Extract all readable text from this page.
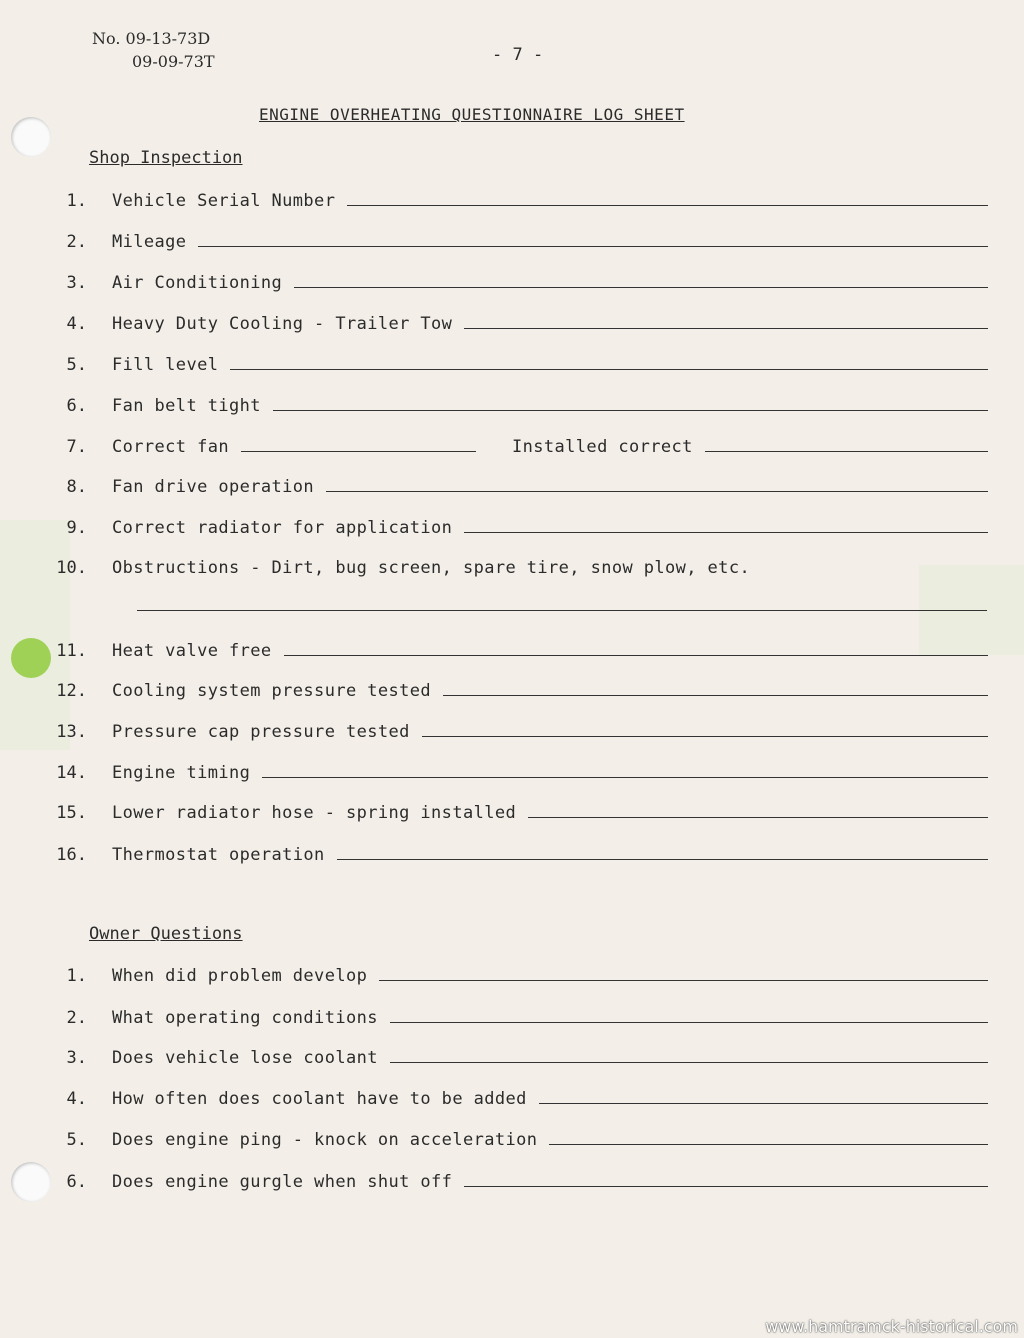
No. 09-13-73D
09-09-73T	- 7 -
ENGINE OVERHEATING QUESTIONNAIRE LOG SHEET
Shop Inspection
1.	Vehicle Serial Number
2.	Mileage
3.	Air Conditioning
4.	Heavy Duty Cooling - Trailer Tow
5.	Fill level
6.	Fan belt tight
7.	Correct fan	Installed correct
8.	Fan drive operation
9.	Correct radiator for application
10.	Obstructions - Dirt, bug screen, spare tire, snow plow, etc.
11.	Heat valve free
12.	Cooling system pressure tested
13.	Pressure cap pressure tested
14.	Engine timing
15.	Lower radiator hose - spring installed
16.	Thermostat operation
Owner Questions
1.	When did problem develop
2.	What operating conditions
3.	Does vehicle lose coolant
4.	How often does coolant have to be added
5.	Does engine ping - knock on acceleration
6.	Does engine gurgle when shut off
www.hamtramck-historical.com
